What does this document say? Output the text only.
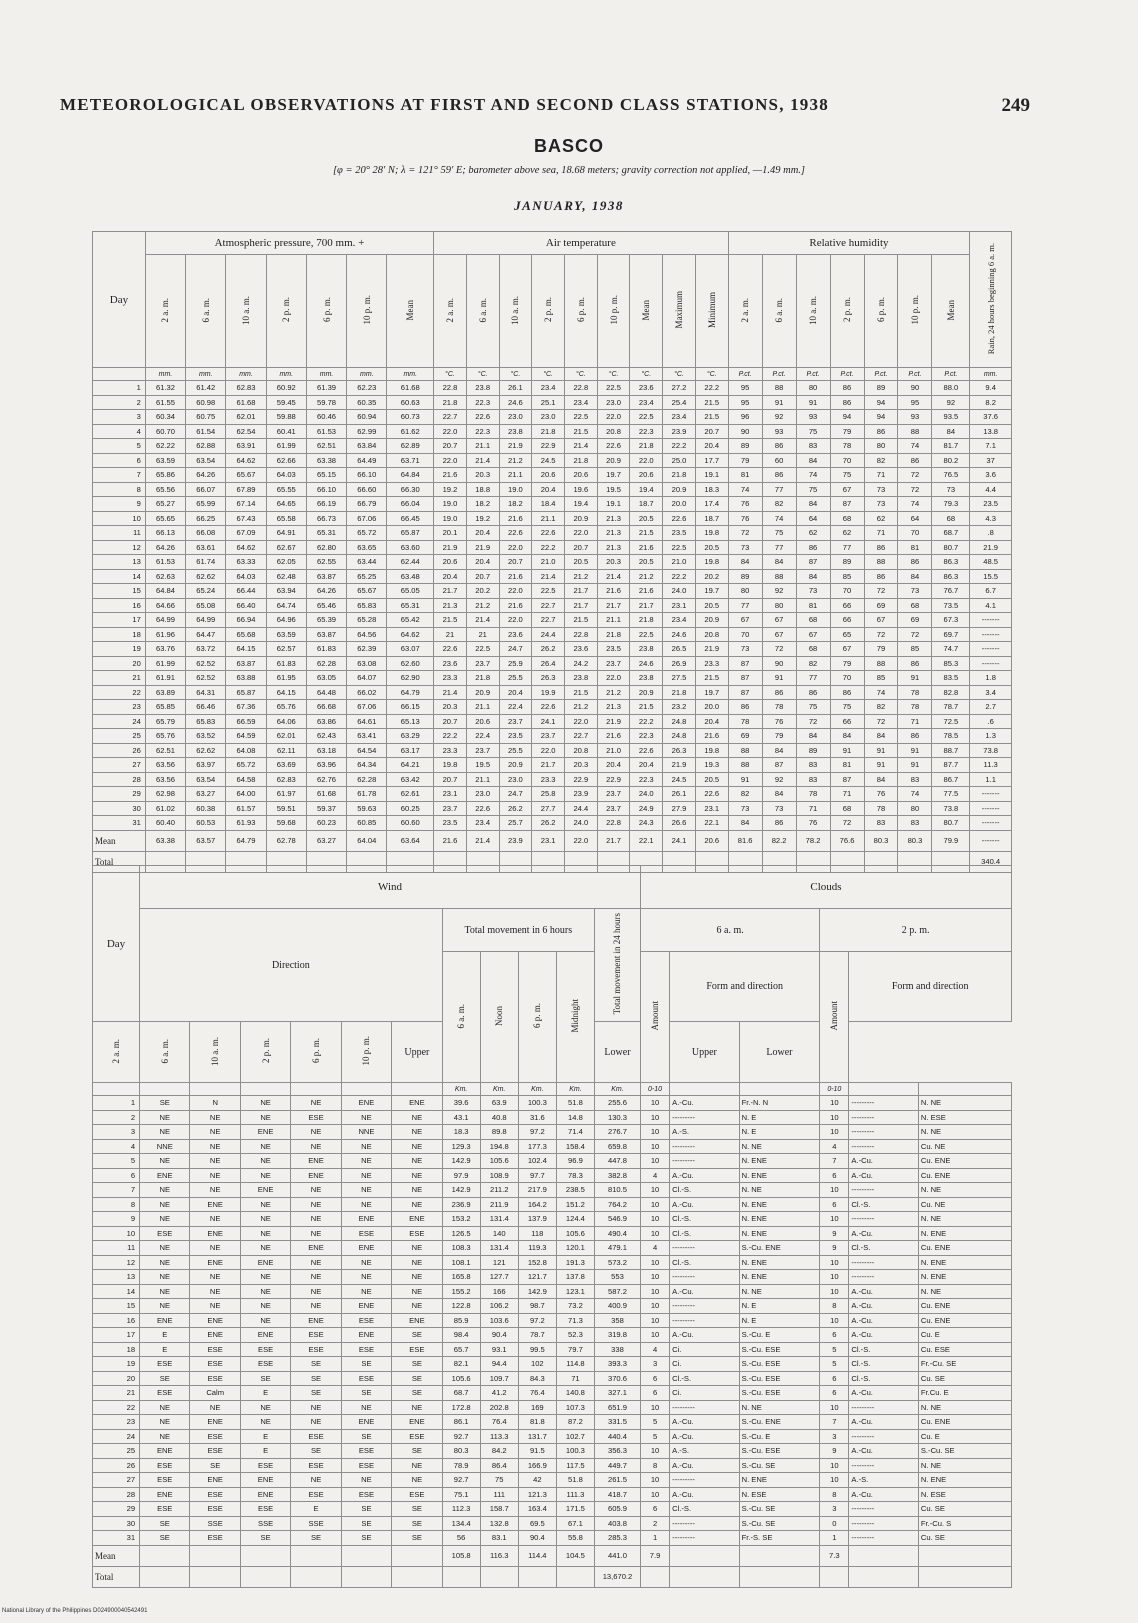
METEOROLOGICAL OBSERVATIONS AT FIRST AND SECOND CLASS STATIONS, 1938	249
BASCO
[φ = 20° 28' N; λ = 121° 59' E; barometer above sea, 18.68 meters; gravity correction not applied, —1.49 mm.]
JANUARY, 1938
Day	Atmospheric pressure, 700 mm. +							Air temperature									Relative humidity							Rain, 24 hours beginning 6 a. m.
	2 a. m.	6 a. m.	10 a. m.	2 p. m.	6 p. m.	10 p. m.	Mean	2 a. m.	6 a. m.	10 a. m.	2 p. m.	6 p. m.	10 p. m.	Mean	Maximum	Minimum	2 a. m.	6 a. m.	10 a. m.	2 p. m.	6 p. m.	10 p. m.	Mean	
	mm.	mm.	mm.	mm.	mm.	mm.	mm.	°C.	°C.	°C.	°C.	°C.	°C.	°C.	°C.	°C.	P.ct.	P.ct.	P.ct.	P.ct.	P.ct.	P.ct.	P.ct.	mm.
1	61.32	61.42	62.83	60.92	61.39	62.23	61.68	22.8	23.8	26.1	23.4	22.8	22.5	23.6	27.2	22.2	95	88	80	86	89	90	88.0	9.4
2	61.55	60.98	61.68	59.45	59.78	60.35	60.63	21.8	22.3	24.6	25.1	23.4	23.0	23.4	25.4	21.5	95	91	91	86	94	95	92	8.2
3	60.34	60.75	62.01	59.88	60.46	60.94	60.73	22.7	22.6	23.0	23.0	22.5	22.0	22.5	23.4	21.5	96	92	93	94	94	93	93.5	37.6
4	60.70	61.54	62.54	60.41	61.53	62.99	61.62	22.0	22.3	23.8	21.8	21.5	20.8	22.3	23.9	20.7	90	93	75	79	86	88	84	13.8
5	62.22	62.88	63.91	61.99	62.51	63.84	62.89	20.7	21.1	21.9	22.9	21.4	22.6	21.8	22.2	20.4	89	86	83	78	80	74	81.7	7.1
6	63.59	63.54	64.62	62.66	63.38	64.49	63.71	22.0	21.4	21.2	24.5	21.8	20.9	22.0	25.0	17.7	79	60	84	70	82	86	80.2	37
7	65.86	64.26	65.67	64.03	65.15	66.10	64.84	21.6	20.3	21.1	20.6	20.6	19.7	20.6	21.8	19.1	81	86	74	75	71	72	76.5	3.6
8	65.56	66.07	67.89	65.55	66.10	66.60	66.30	19.2	18.8	19.0	20.4	19.6	19.5	19.4	20.9	18.3	74	77	75	67	73	72	73	4.4
9	65.27	65.99	67.14	64.65	66.19	66.79	66.04	19.0	18.2	18.2	18.4	19.4	19.1	18.7	20.0	17.4	76	82	84	87	73	74	79.3	23.5
10	65.65	66.25	67.43	65.58	66.73	67.06	66.45	19.0	19.2	21.6	21.1	20.9	21.3	20.5	22.6	18.7	76	74	64	68	62	64	68	4.3
11	66.13	66.08	67.09	64.91	65.31	65.72	65.87	20.1	20.4	22.6	22.6	22.0	21.3	21.5	23.5	19.8	72	75	62	62	71	70	68.7	.8
12	64.26	63.61	64.62	62.67	62.80	63.65	63.60	21.9	21.9	22.0	22.2	20.7	21.3	21.6	22.5	20.5	73	77	86	77	86	81	80.7	21.9
13	61.53	61.74	63.33	62.05	62.55	63.44	62.44	20.6	20.4	20.7	21.0	20.5	20.3	20.5	21.0	19.8	84	84	87	89	88	86	86.3	48.5
14	62.63	62.62	64.03	62.48	63.87	65.25	63.48	20.4	20.7	21.6	21.4	21.2	21.4	21.2	22.2	20.2	89	88	84	85	86	84	86.3	15.5
15	64.84	65.24	66.44	63.94	64.26	65.67	65.05	21.7	20.2	22.0	22.5	21.7	21.6	21.6	24.0	19.7	80	92	73	70	72	73	76.7	6.7
16	64.66	65.08	66.40	64.74	65.46	65.83	65.31	21.3	21.2	21.6	22.7	21.7	21.7	21.7	23.1	20.5	77	80	81	66	69	68	73.5	4.1
17	64.99	64.99	66.94	64.96	65.39	65.28	65.42	21.5	21.4	22.0	22.7	21.5	21.1	21.8	23.4	20.9	67	67	68	66	67	69	67.3	-------
18	61.96	64.47	65.68	63.59	63.87	64.56	64.62	21	21	23.6	24.4	22.8	21.8	22.5	24.6	20.8	70	67	67	65	72	72	69.7	-------
19	63.76	63.72	64.15	62.57	61.83	62.39	63.07	22.6	22.5	24.7	26.2	23.6	23.5	23.8	26.5	21.9	73	72	68	67	79	85	74.7	-------
20	61.99	62.52	63.87	61.83	62.28	63.08	62.60	23.6	23.7	25.9	26.4	24.2	23.7	24.6	26.9	23.3	87	90	82	79	88	86	85.3	-------
21	61.91	62.52	63.88	61.95	63.05	64.07	62.90	23.3	21.8	25.5	26.3	23.8	22.0	23.8	27.5	21.5	87	91	77	70	85	91	83.5	1.8
22	63.89	64.31	65.87	64.15	64.48	66.02	64.79	21.4	20.9	20.4	19.9	21.5	21.2	20.9	21.8	19.7	87	86	86	86	74	78	82.8	3.4
23	65.85	66.46	67.36	65.76	66.68	67.06	66.15	20.3	21.1	22.4	22.6	21.2	21.3	21.5	23.2	20.0	86	78	75	75	82	78	78.7	2.7
24	65.79	65.83	66.59	64.06	63.86	64.61	65.13	20.7	20.6	23.7	24.1	22.0	21.9	22.2	24.8	20.4	78	76	72	66	72	71	72.5	.6
25	65.76	63.52	64.59	62.01	62.43	63.41	63.29	22.2	22.4	23.5	23.7	22.7	21.6	22.3	24.8	21.6	69	79	84	84	84	86	78.5	1.3
26	62.51	62.62	64.08	62.11	63.18	64.54	63.17	23.3	23.7	25.5	22.0	20.8	21.0	22.6	26.3	19.8	88	84	89	91	91	91	88.7	73.8
27	63.56	63.97	65.72	63.69	63.96	64.34	64.21	19.8	19.5	20.9	21.7	20.3	20.4	20.4	21.9	19.3	88	87	83	81	91	91	87.7	11.3
28	63.56	63.54	64.58	62.83	62.76	62.28	63.42	20.7	21.1	23.0	23.3	22.9	22.9	22.3	24.5	20.5	91	92	83	87	84	83	86.7	1.1
29	62.98	63.27	64.00	61.97	61.68	61.78	62.61	23.1	23.0	24.7	25.8	23.9	23.7	24.0	26.1	22.6	82	84	78	71	76	74	77.5	-------
30	61.02	60.38	61.57	59.51	59.37	59.63	60.25	23.7	22.6	26.2	27.7	24.4	23.7	24.9	27.9	23.1	73	73	71	68	78	80	73.8	-------
31	60.40	60.53	61.93	59.68	60.23	60.85	60.60	23.5	23.4	25.7	26.2	24.0	22.8	24.3	26.6	22.1	84	86	76	72	83	83	80.7	-------
Mean	63.38	63.57	64.79	62.78	63.27	64.04	63.64	21.6	21.4	23.9	23.1	22.0	21.7	22.1	24.1	20.6	81.6	82.2	78.2	76.6	80.3	80.3	79.9	-------
Total																								340.4
Day	Wind											Clouds					
	Direction						Total movement in 6 hours				Total movement in 24 hours	6 a. m.			2 p. m.		
							6 a. m.	Noon	6 p. m.	Midnight		Amount	Form and direction		Amount	Form and direction	
2 a. m.	6 a. m.	10 a. m.	2 p. m.	6 p. m.	10 p. m.	Upper					Lower		Upper	Lower			
							Km.	Km.	Km.	Km.	Km.	0-10			0-10		
1	SE	N	NE	NE	ENE	ENE	39.6	63.9	100.3	51.8	255.6	10	A.-Cu.	Fr.-N. N	10	---------	N. NE
2	NE	NE	NE	ESE	NE	NE	43.1	40.8	31.6	14.8	130.3	10	---------	N. E	10	---------	N. ESE
3	NE	NE	ENE	NE	NNE	NE	18.3	89.8	97.2	71.4	276.7	10	A.-S.	N. E	10	---------	N. NE
4	NNE	NE	NE	NE	NE	NE	129.3	194.8	177.3	158.4	659.8	10	---------	N. NE	4	---------	Cu. NE
5	NE	NE	NE	ENE	NE	NE	142.9	105.6	102.4	96.9	447.8	10	---------	N. ENE	7	A.-Cu.	Cu. ENE
6	ENE	NE	NE	ENE	NE	NE	97.9	108.9	97.7	78.3	382.8	4	A.-Cu.	N. ENE	6	A.-Cu.	Cu. ENE
7	NE	NE	ENE	NE	NE	NE	142.9	211.2	217.9	238.5	810.5	10	Cl.-S.	N. NE	10	---------	N. NE
8	NE	ENE	NE	NE	NE	NE	236.9	211.9	164.2	151.2	764.2	10	A.-Cu.	N. ENE	6	Cl.-S.	Cu. NE
9	NE	NE	NE	NE	ENE	ENE	153.2	131.4	137.9	124.4	546.9	10	Cl.-S.	N. ENE	10	---------	N. NE
10	ESE	ENE	NE	NE	ESE	ESE	126.5	140	118	105.6	490.4	10	Cl.-S.	N. ENE	9	A.-Cu.	N. ENE
11	NE	NE	NE	ENE	ENE	NE	108.3	131.4	119.3	120.1	479.1	4	---------	S.-Cu. ENE	9	Cl.-S.	Cu. ENE
12	NE	ENE	ENE	NE	NE	NE	108.1	121	152.8	191.3	573.2	10	Cl.-S.	N. ENE	10	---------	N. ENE
13	NE	NE	NE	NE	NE	NE	165.8	127.7	121.7	137.8	553	10	---------	N. ENE	10	---------	N. ENE
14	NE	NE	NE	NE	NE	NE	155.2	166	142.9	123.1	587.2	10	A.-Cu.	N. NE	10	A.-Cu.	N. NE
15	NE	NE	NE	NE	ENE	NE	122.8	106.2	98.7	73.2	400.9	10	---------	N. E	8	A.-Cu.	Cu. ENE
16	ENE	ENE	NE	ENE	ESE	ENE	85.9	103.6	97.2	71.3	358	10	---------	N. E	10	A.-Cu.	Cu. ENE
17	E	ENE	ENE	ESE	ENE	SE	98.4	90.4	78.7	52.3	319.8	10	A.-Cu.	S.-Cu. E	6	A.-Cu.	Cu. E
18	E	ESE	ESE	ESE	ESE	ESE	65.7	93.1	99.5	79.7	338	4	Ci.	S.-Cu. ESE	5	Cl.-S.	Cu. ESE
19	ESE	ESE	ESE	SE	SE	SE	82.1	94.4	102	114.8	393.3	3	Ci.	S.-Cu. ESE	5	Cl.-S.	Fr.-Cu. SE
20	SE	ESE	SE	SE	ESE	SE	105.6	109.7	84.3	71	370.6	6	Cl.-S.	S.-Cu. ESE	6	Cl.-S.	Cu. SE
21	ESE	Calm	E	SE	SE	SE	68.7	41.2	76.4	140.8	327.1	6	Ci.	S.-Cu. ESE	6	A.-Cu.	Fr.Cu. E
22	NE	NE	NE	NE	NE	NE	172.8	202.8	169	107.3	651.9	10	---------	N. NE	10	---------	N. NE
23	NE	ENE	NE	NE	ENE	ENE	86.1	76.4	81.8	87.2	331.5	5	A.-Cu.	S.-Cu. ENE	7	A.-Cu.	Cu. ENE
24	NE	ESE	E	ESE	SE	ESE	92.7	113.3	131.7	102.7	440.4	5	A.-Cu.	S.-Cu. E	3	---------	Cu. E
25	ENE	ESE	E	SE	ESE	SE	80.3	84.2	91.5	100.3	356.3	10	A.-S.	S.-Cu. ESE	9	A.-Cu.	S.-Cu. SE
26	ESE	SE	ESE	ESE	ESE	NE	78.9	86.4	166.9	117.5	449.7	8	A.-Cu.	S.-Cu. SE	10	---------	N. NE
27	ESE	ENE	ENE	NE	NE	NE	92.7	75	42	51.8	261.5	10	---------	N. ENE	10	A.-S.	N. ENE
28	ENE	ESE	ENE	ESE	ESE	ESE	75.1	111	121.3	111.3	418.7	10	A.-Cu.	N. ESE	8	A.-Cu.	N. ESE
29	ESE	ESE	ESE	E	SE	SE	112.3	158.7	163.4	171.5	605.9	6	Cl.-S.	S.-Cu. SE	3	---------	Cu. SE
30	SE	SSE	SSE	SSE	SE	SE	134.4	132.8	69.5	67.1	403.8	2	---------	S.-Cu. SE	0	---------	Fr.-Cu. S
31	SE	ESE	SE	SE	SE	SE	56	83.1	90.4	55.8	285.3	1	---------	Fr.-S. SE	1	---------	Cu. SE
Mean							105.8	116.3	114.4	104.5	441.0	7.9			7.3		
Total											13,670.2						
National Library of the Philippines D024900040542491
